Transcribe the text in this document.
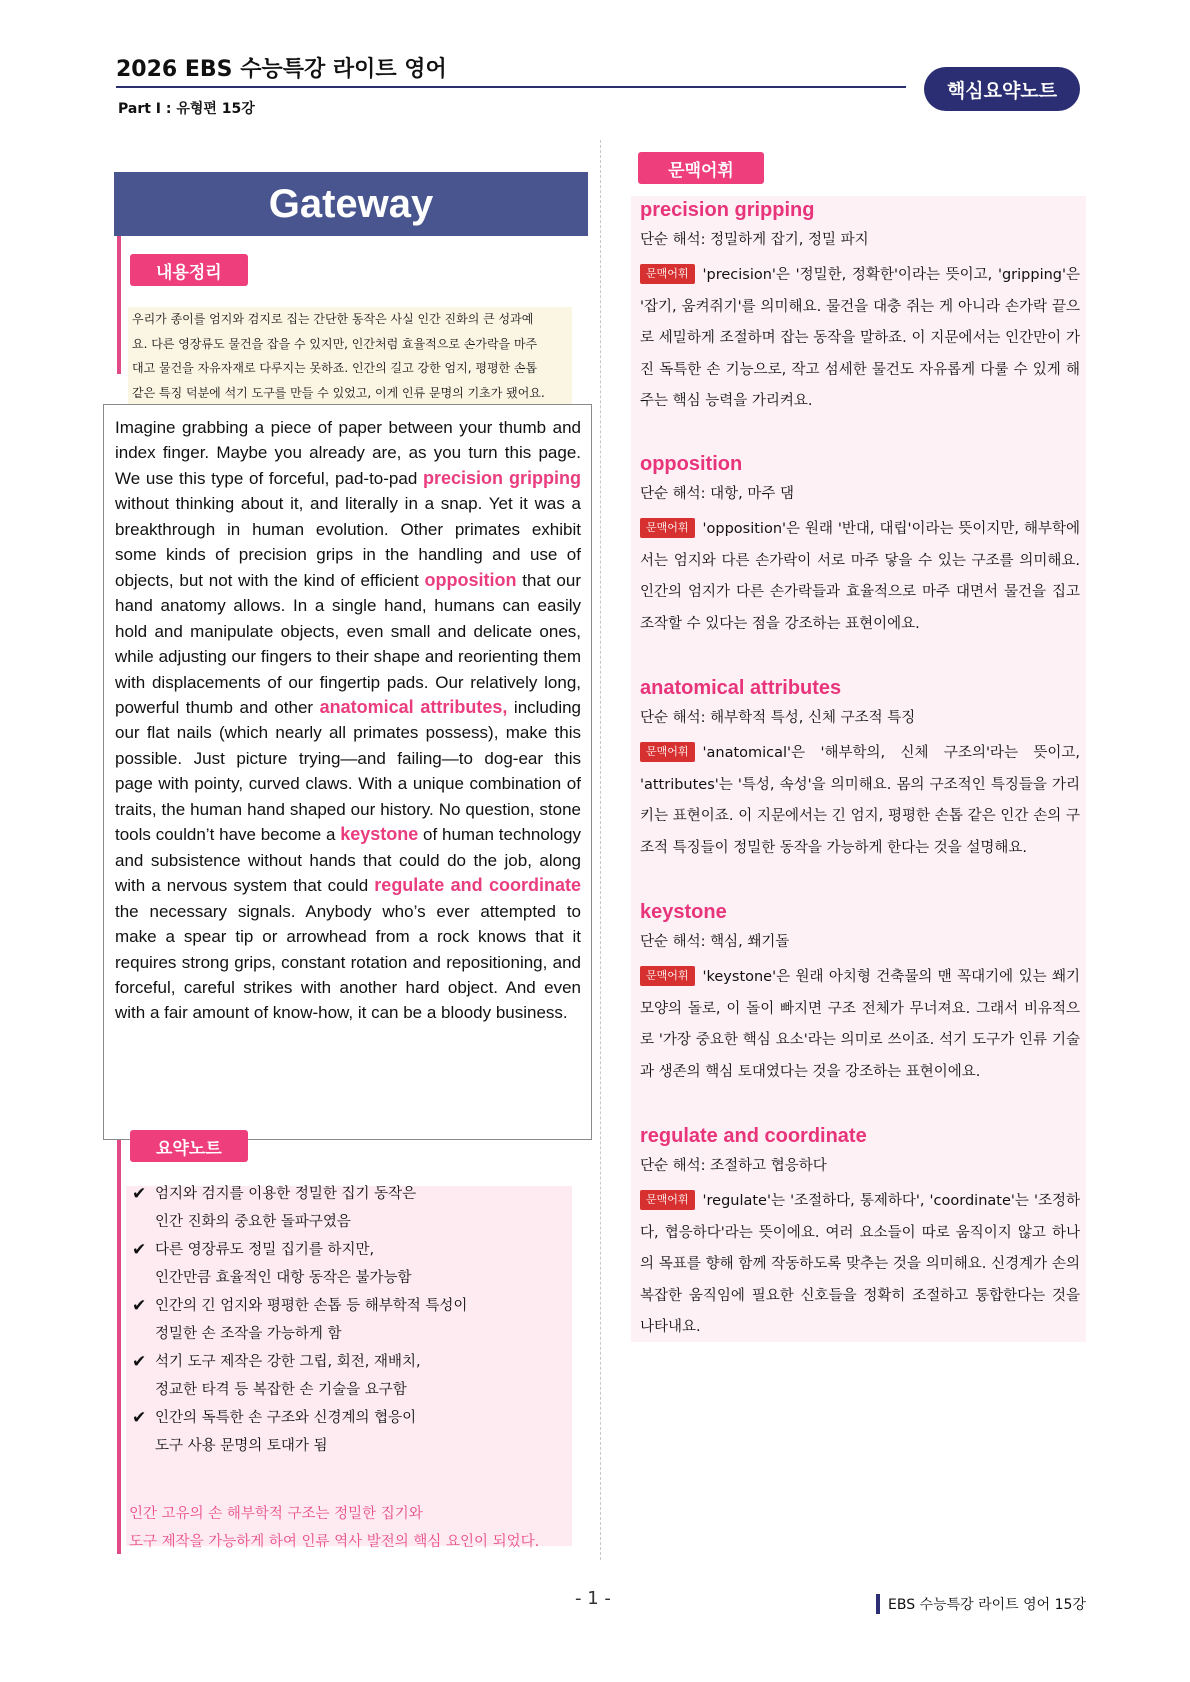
2026 EBS 수능특강 라이트 영어
Part Ⅰ : 유형편 15강
핵심요약노트
Gateway
내용정리
우리가 종이를 엄지와 검지로 집는 간단한 동작은 사실 인간 진화의 큰 성과예
요. 다른 영장류도 물건을 잡을 수 있지만, 인간처럼 효율적으로 손가락을 마주
대고 물건을 자유자재로 다루지는 못하죠. 인간의 길고 강한 엄지, 평평한 손톱
같은 특징 덕분에 석기 도구를 만들 수 있었고, 이게 인류 문명의 기초가 됐어요.
Imagine grabbing a piece of paper between your thumb and index finger. Maybe you already are, as you turn this page. We use this type of forceful, pad-to-pad precision gripping without thinking about it, and literally in a snap. Yet it was a breakthrough in human evolution. Other primates exhibit some kinds of precision grips in the handling and use of objects, but not with the kind of efficient opposition that our hand anatomy allows. In a single hand, humans can easily hold and manipulate objects, even small and delicate ones, while adjusting our fingers to their shape and reorienting them with displacements of our fingertip pads. Our relatively long, powerful thumb and other anatomical attributes, including our flat nails (which nearly all primates possess), make this possible. Just picture trying—and failing—to dog-ear this page with pointy, curved claws. With a unique combination of traits, the human hand shaped our history. No question, stone tools couldn’t have become a keystone of human technology and subsistence without hands that could do the job, along with a nervous system that could regulate and coordinate the necessary signals. Anybody who’s ever attempted to make a spear tip or arrowhead from a rock knows that it requires strong grips, constant rotation and repositioning, and forceful, careful strikes with another hard object. And even with a fair amount of know-how, it can be a bloody business.
요약노트
✔ 엄지와 검지를 이용한 정밀한 집기 동작은
인간 진화의 중요한 돌파구였음
✔ 다른 영장류도 정밀 집기를 하지만,
인간만큼 효율적인 대항 동작은 불가능함
✔ 인간의 긴 엄지와 평평한 손톱 등 해부학적 특성이
정밀한 손 조작을 가능하게 함
✔ 석기 도구 제작은 강한 그립, 회전, 재배치,
정교한 타격 등 복잡한 손 기술을 요구함
✔ 인간의 독특한 손 구조와 신경계의 협응이
도구 사용 문명의 토대가 됨
인간 고유의 손 해부학적 구조는 정밀한 집기와
도구 제작을 가능하게 하여 인류 역사 발전의 핵심 요인이 되었다.
문맥어휘
precision gripping
단순 해석: 정밀하게 잡기, 정밀 파지
문맥어휘 'precision'은 '정밀한, 정확한'이라는 뜻이고, 'gripping'은 '잡기, 움켜쥐기'를 의미해요. 물건을 대충 쥐는 게 아니라 손가락 끝으로 세밀하게 조절하며 잡는 동작을 말하죠. 이 지문에서는 인간만이 가진 독특한 손 기능으로, 작고 섬세한 물건도 자유롭게 다룰 수 있게 해주는 핵심 능력을 가리켜요.
opposition
단순 해석: 대항, 마주 댐
문맥어휘 'opposition'은 원래 '반대, 대립'이라는 뜻이지만, 해부학에서는 엄지와 다른 손가락이 서로 마주 닿을 수 있는 구조를 의미해요. 인간의 엄지가 다른 손가락들과 효율적으로 마주 대면서 물건을 집고 조작할 수 있다는 점을 강조하는 표현이에요.
anatomical attributes
단순 해석: 해부학적 특성, 신체 구조적 특징
문맥어휘 'anatomical'은 '해부학의, 신체 구조의'라는 뜻이고, 'attributes'는 '특성, 속성'을 의미해요. 몸의 구조적인 특징들을 가리키는 표현이죠. 이 지문에서는 긴 엄지, 평평한 손톱 같은 인간 손의 구조적 특징들이 정밀한 동작을 가능하게 한다는 것을 설명해요.
keystone
단순 해석: 핵심, 쐐기돌
문맥어휘 'keystone'은 원래 아치형 건축물의 맨 꼭대기에 있는 쐐기 모양의 돌로, 이 돌이 빠지면 구조 전체가 무너져요. 그래서 비유적으로 '가장 중요한 핵심 요소'라는 의미로 쓰이죠. 석기 도구가 인류 기술과 생존의 핵심 토대였다는 것을 강조하는 표현이에요.
regulate and coordinate
단순 해석: 조절하고 협응하다
문맥어휘 'regulate'는 '조절하다, 통제하다', 'coordinate'는 '조정하다, 협응하다'라는 뜻이에요. 여러 요소들이 따로 움직이지 않고 하나의 목표를 향해 함께 작동하도록 맞추는 것을 의미해요. 신경계가 손의 복잡한 움직임에 필요한 신호들을 정확히 조절하고 통합한다는 것을 나타내요.
- 1 -	EBS 수능특강 라이트 영어 15강
